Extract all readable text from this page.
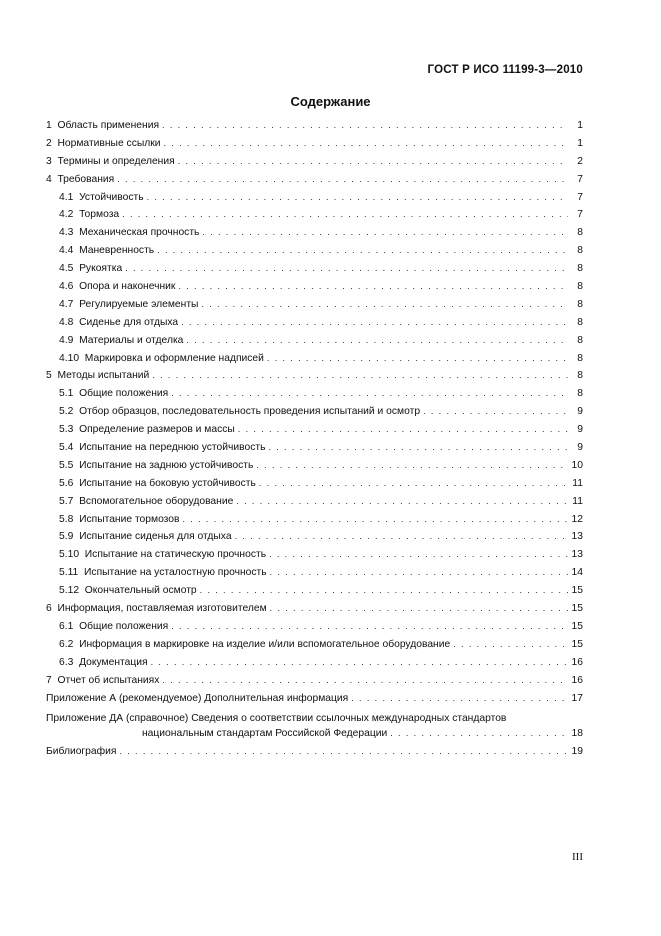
ГОСТ Р ИСО 11199-3—2010
Содержание
1 Область применения . . .	1
2 Нормативные ссылки . . .	1
3 Термины и определения . . .	2
4 Требования . . .	7
4.1 Устойчивость . . .	7
4.2 Тормоза . . .	7
4.3 Механическая прочность . . .	8
4.4 Маневренность . . .	8
4.5 Рукоятка . . .	8
4.6 Опора и наконечник . . .	8
4.7 Регулируемые элементы . . .	8
4.8 Сиденье для отдыха . . .	8
4.9 Материалы и отделка . . .	8
4.10 Маркировка и оформление надписей . . .	8
5 Методы испытаний . . .	8
5.1 Общие положения . . .	8
5.2 Отбор образцов, последовательность проведения испытаний и осмотр . . .	9
5.3 Определение размеров и массы . . .	9
5.4 Испытание на переднюю устойчивость . . .	9
5.5 Испытание на заднюю устойчивость . . .	10
5.6 Испытание на боковую устойчивость . . .	11
5.7 Вспомогательное оборудование . . .	11
5.8 Испытание тормозов . . .	12
5.9 Испытание сиденья для отдыха . . .	13
5.10 Испытание на статическую прочность . . .	13
5.11 Испытание на усталостную прочность . . .	14
5.12 Окончательный осмотр . . .	15
6 Информация, поставляемая изготовителем . . .	15
6.1 Общие положения . . .	15
6.2 Информация в маркировке на изделие и/или вспомогательное оборудование . . .	15
6.3 Документация . . .	16
7 Отчет об испытаниях . . .	16
Приложение А (рекомендуемое) Дополнительная информация . . .	17
Приложение ДА (справочное) Сведения о соответствии ссылочных международных стандартов
национальным стандартам Российской Федерации . . .	18
Библиография . . .	19
III
